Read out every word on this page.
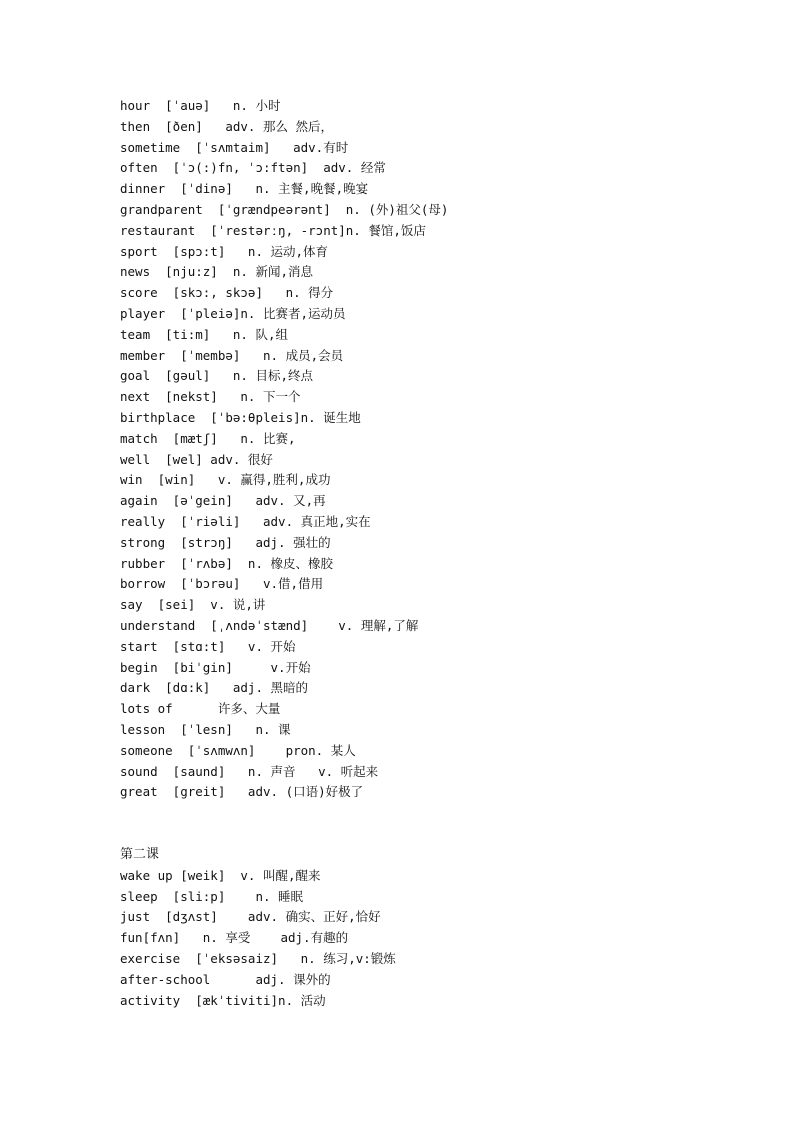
hour  [ˈauə]   n. 小时
then  [ðen]   adv. 那么 然后，
sometime  [ˈsʌmtaim]   adv.有时
often  [ˈɔ(:)fn, ˈɔ:ftən]  adv. 经常
dinner  [ˈdinə]   n. 主餐,晚餐,晚宴
grandparent  [ˈgrændpeərənt]  n. (外)祖父(母)
restaurant  [ˈrestərːŋ, -rɔnt]n. 餐馆,饭店
sport  [spɔ:t]   n. 运动,体育
news  [nju:z]  n. 新闻,消息
score  [skɔ:, skɔə]   n. 得分
player  [ˈpleiə]n. 比赛者,运动员
team  [ti:m]   n. 队,组
member  [ˈmembə]   n. 成员,会员
goal  [gəul]   n. 目标,终点
next  [nekst]   n. 下一个
birthplace  [ˈbə:θpleis]n. 诞生地
match  [mætʃ]   n. 比赛,
well  [wel] adv. 很好
win  [win]   v. 赢得,胜利,成功
again  [əˈgein]   adv. 又,再
really  [ˈriəli]   adv. 真正地,实在
strong  [strɔŋ]   adj. 强壮的
rubber  [ˈrʌbə]  n. 橡皮、橡胶
borrow  [ˈbɔrəu]   v.借,借用
say  [sei]  v. 说,讲
understand  [ˌʌndəˈstænd]    v. 理解,了解
start  [stɑ:t]   v. 开始
begin  [biˈgin]     v.开始
dark  [dɑ:k]   adj. 黑暗的
lots of      许多、大量
lesson  [ˈlesn]   n. 课
someone  [ˈsʌmwʌn]    pron. 某人
sound  [saund]   n. 声音   v. 听起来
great  [greit]   adv. (口语)好极了
第二课
wake up [weik]  v. 叫醒,醒来
sleep  [sli:p]    n. 睡眠
just  [dʒʌst]    adv. 确实、正好,恰好
fun[fʌn]   n. 享受    adj.有趣的
exercise  [ˈeksəsaiz]   n. 练习,v:锻炼
after-school      adj. 课外的
activity  [ækˈtiviti]n. 活动
